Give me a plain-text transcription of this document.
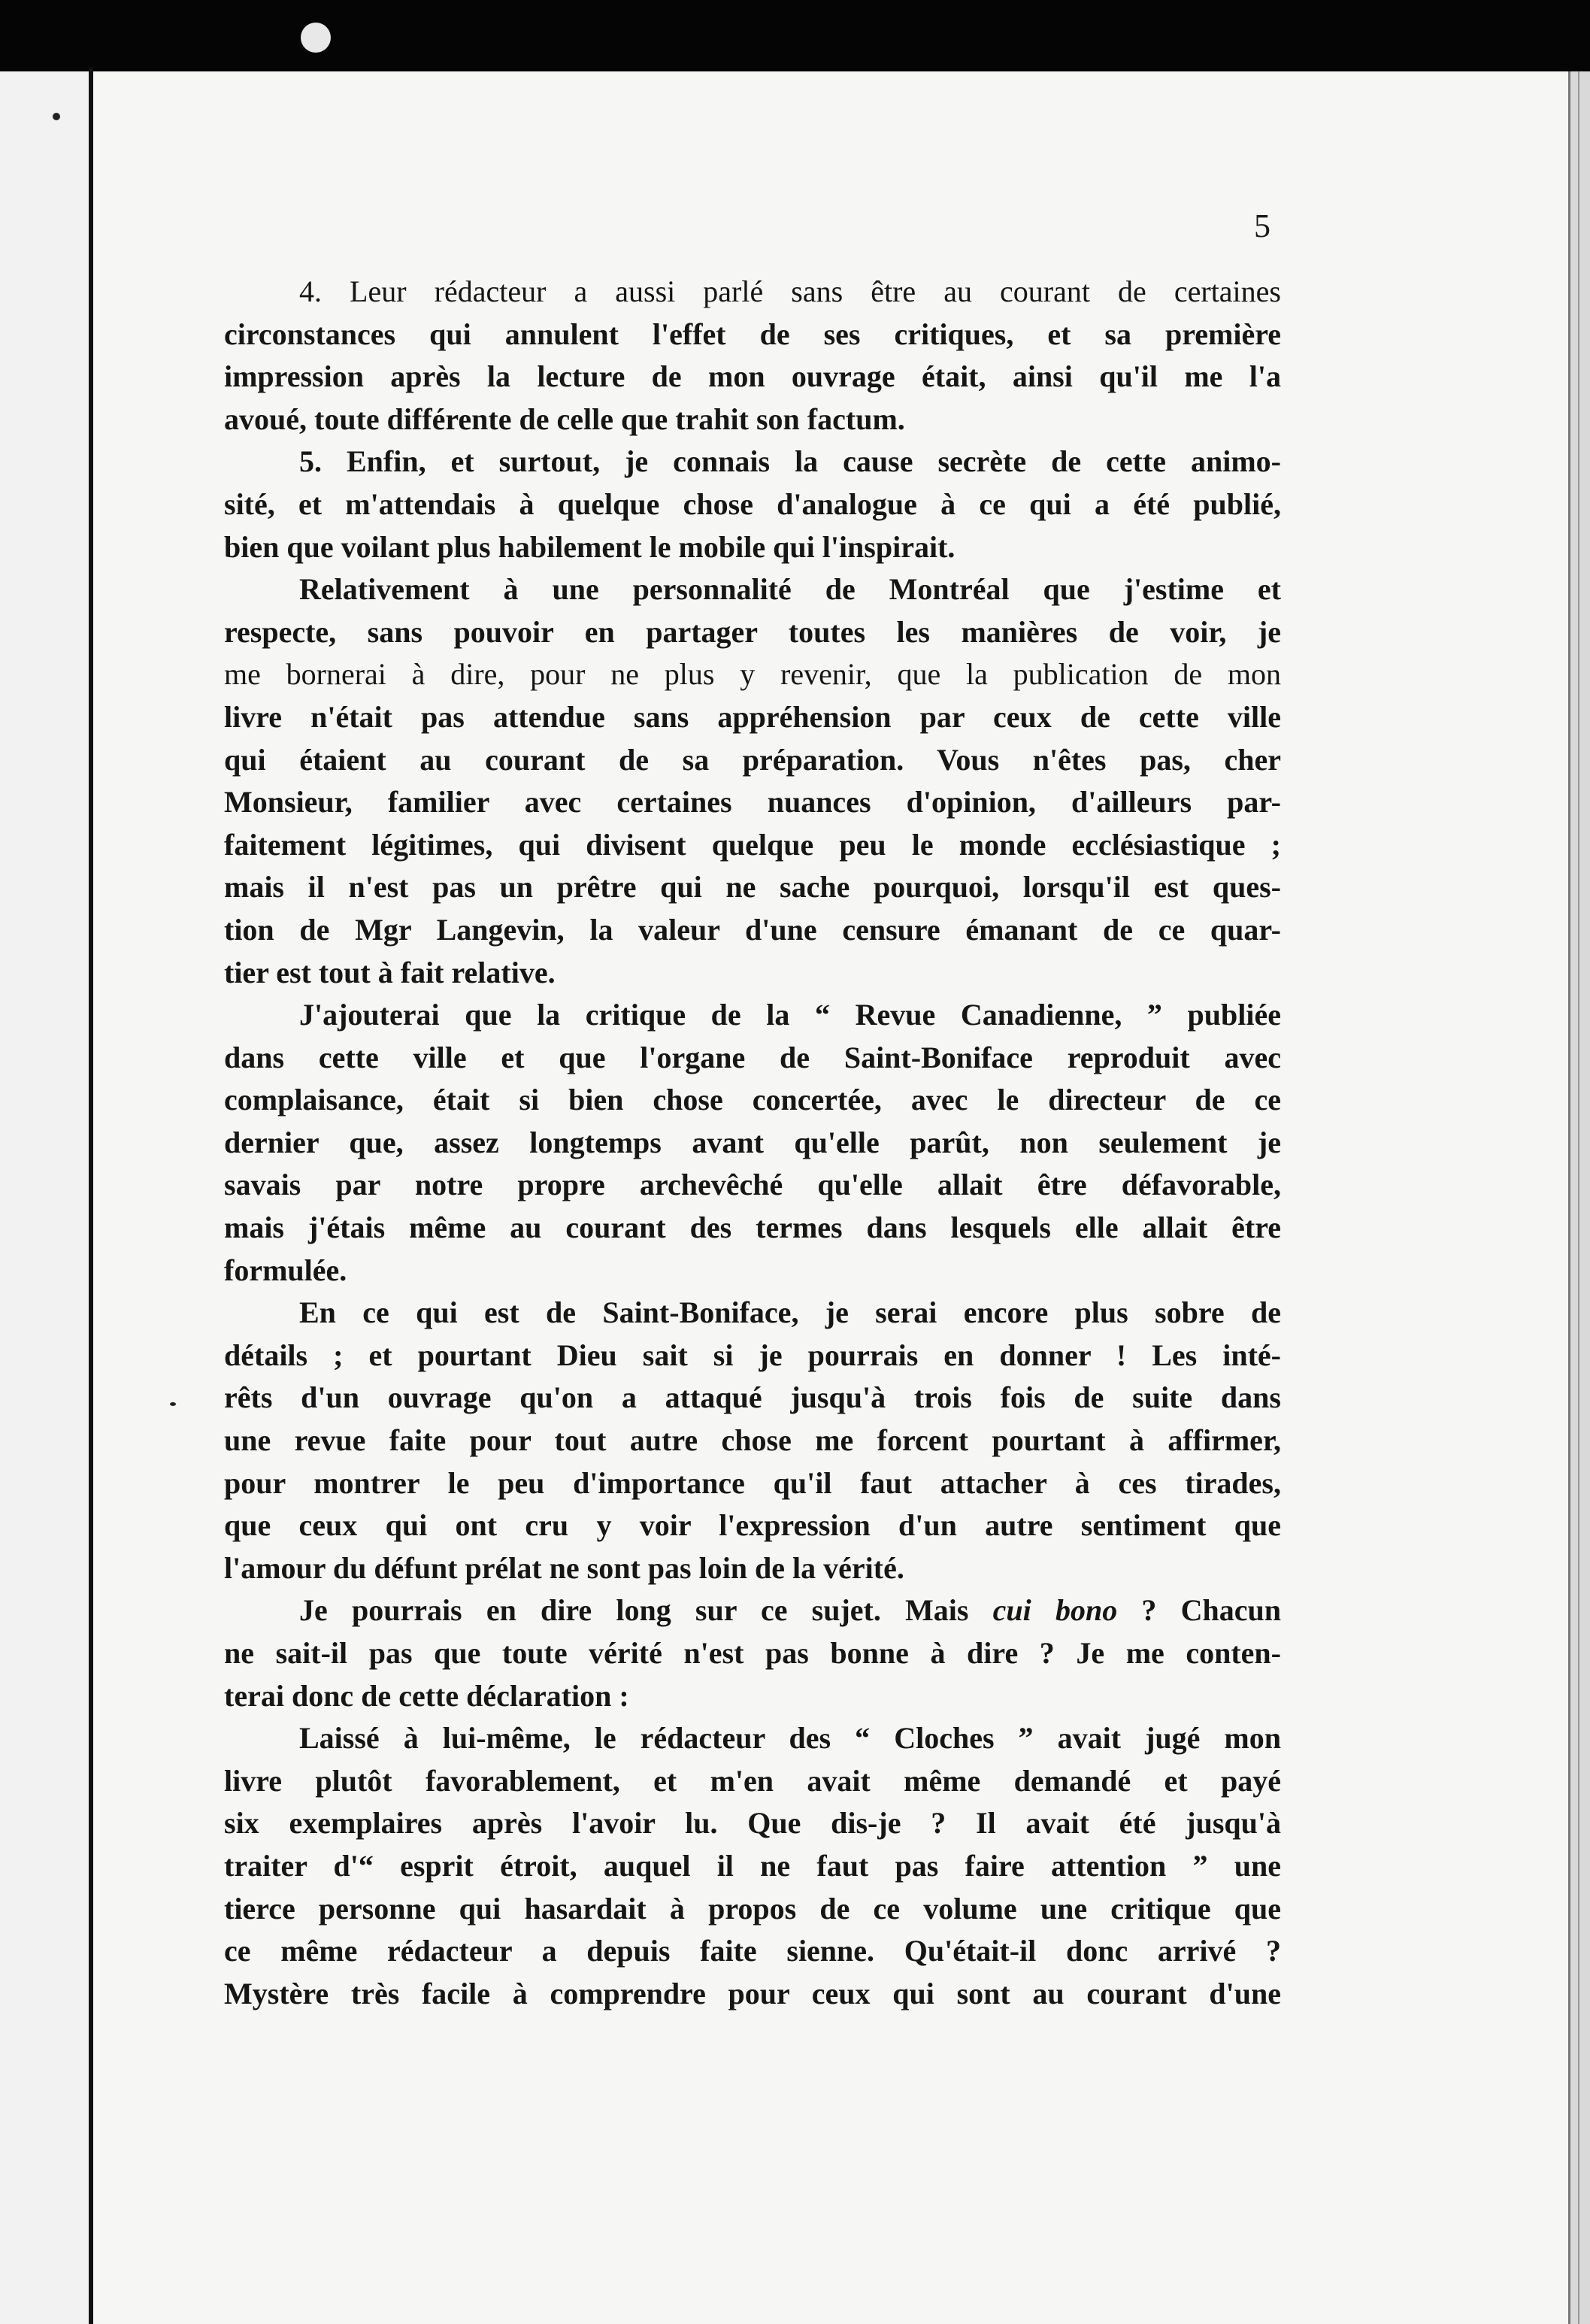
5

4. Leur rédacteur a aussi parlé sans être au courant de certaines
circonstances qui annulent l'effet de ses critiques, et sa première
impression après la lecture de mon ouvrage était, ainsi qu'il me l'a
avoué, toute différente de celle que trahit son factum.
5. Enfin, et surtout, je connais la cause secrète de cette animo-
sité, et m'attendais à quelque chose d'analogue à ce qui a été publié,
bien que voilant plus habilement le mobile qui l'inspirait.
Relativement à une personnalité de Montréal que j'estime et
respecte, sans pouvoir en partager toutes les manières de voir, je
me bornerai à dire, pour ne plus y revenir, que la publication de mon
livre n'était pas attendue sans appréhension par ceux de cette ville
qui étaient au courant de sa préparation. Vous n'êtes pas, cher
Monsieur, familier avec certaines nuances d'opinion, d'ailleurs par-
faitement légitimes, qui divisent quelque peu le monde ecclésiastique ;
mais il n'est pas un prêtre qui ne sache pourquoi, lorsqu'il est ques-
tion de Mgr Langevin, la valeur d'une censure émanant de ce quar-
tier est tout à fait relative.
J'ajouterai que la critique de la “ Revue Canadienne, ” publiée
dans cette ville et que l'organe de Saint-Boniface reproduit avec
complaisance, était si bien chose concertée, avec le directeur de ce
dernier que, assez longtemps avant qu'elle parût, non seulement je
savais par notre propre archevêché qu'elle allait être défavorable,
mais j'étais même au courant des termes dans lesquels elle allait être
formulée.
En ce qui est de Saint-Boniface, je serai encore plus sobre de
détails ; et pourtant Dieu sait si je pourrais en donner ! Les inté-
rêts d'un ouvrage qu'on a attaqué jusqu'à trois fois de suite dans
une revue faite pour tout autre chose me forcent pourtant à affirmer,
pour montrer le peu d'importance qu'il faut attacher à ces tirades,
que ceux qui ont cru y voir l'expression d'un autre sentiment que
l'amour du défunt prélat ne sont pas loin de la vérité.
Je pourrais en dire long sur ce sujet. Mais cui bono ? Chacun
ne sait-il pas que toute vérité n'est pas bonne à dire ? Je me conten-
terai donc de cette déclaration :
Laissé à lui-même, le rédacteur des “ Cloches ” avait jugé mon
livre plutôt favorablement, et m'en avait même demandé et payé
six exemplaires après l'avoir lu. Que dis-je ? Il avait été jusqu'à
traiter d'“ esprit étroit, auquel il ne faut pas faire attention ” une
tierce personne qui hasardait à propos de ce volume une critique que
ce même rédacteur a depuis faite sienne. Qu'était-il donc arrivé ?
Mystère très facile à comprendre pour ceux qui sont au courant d'une
